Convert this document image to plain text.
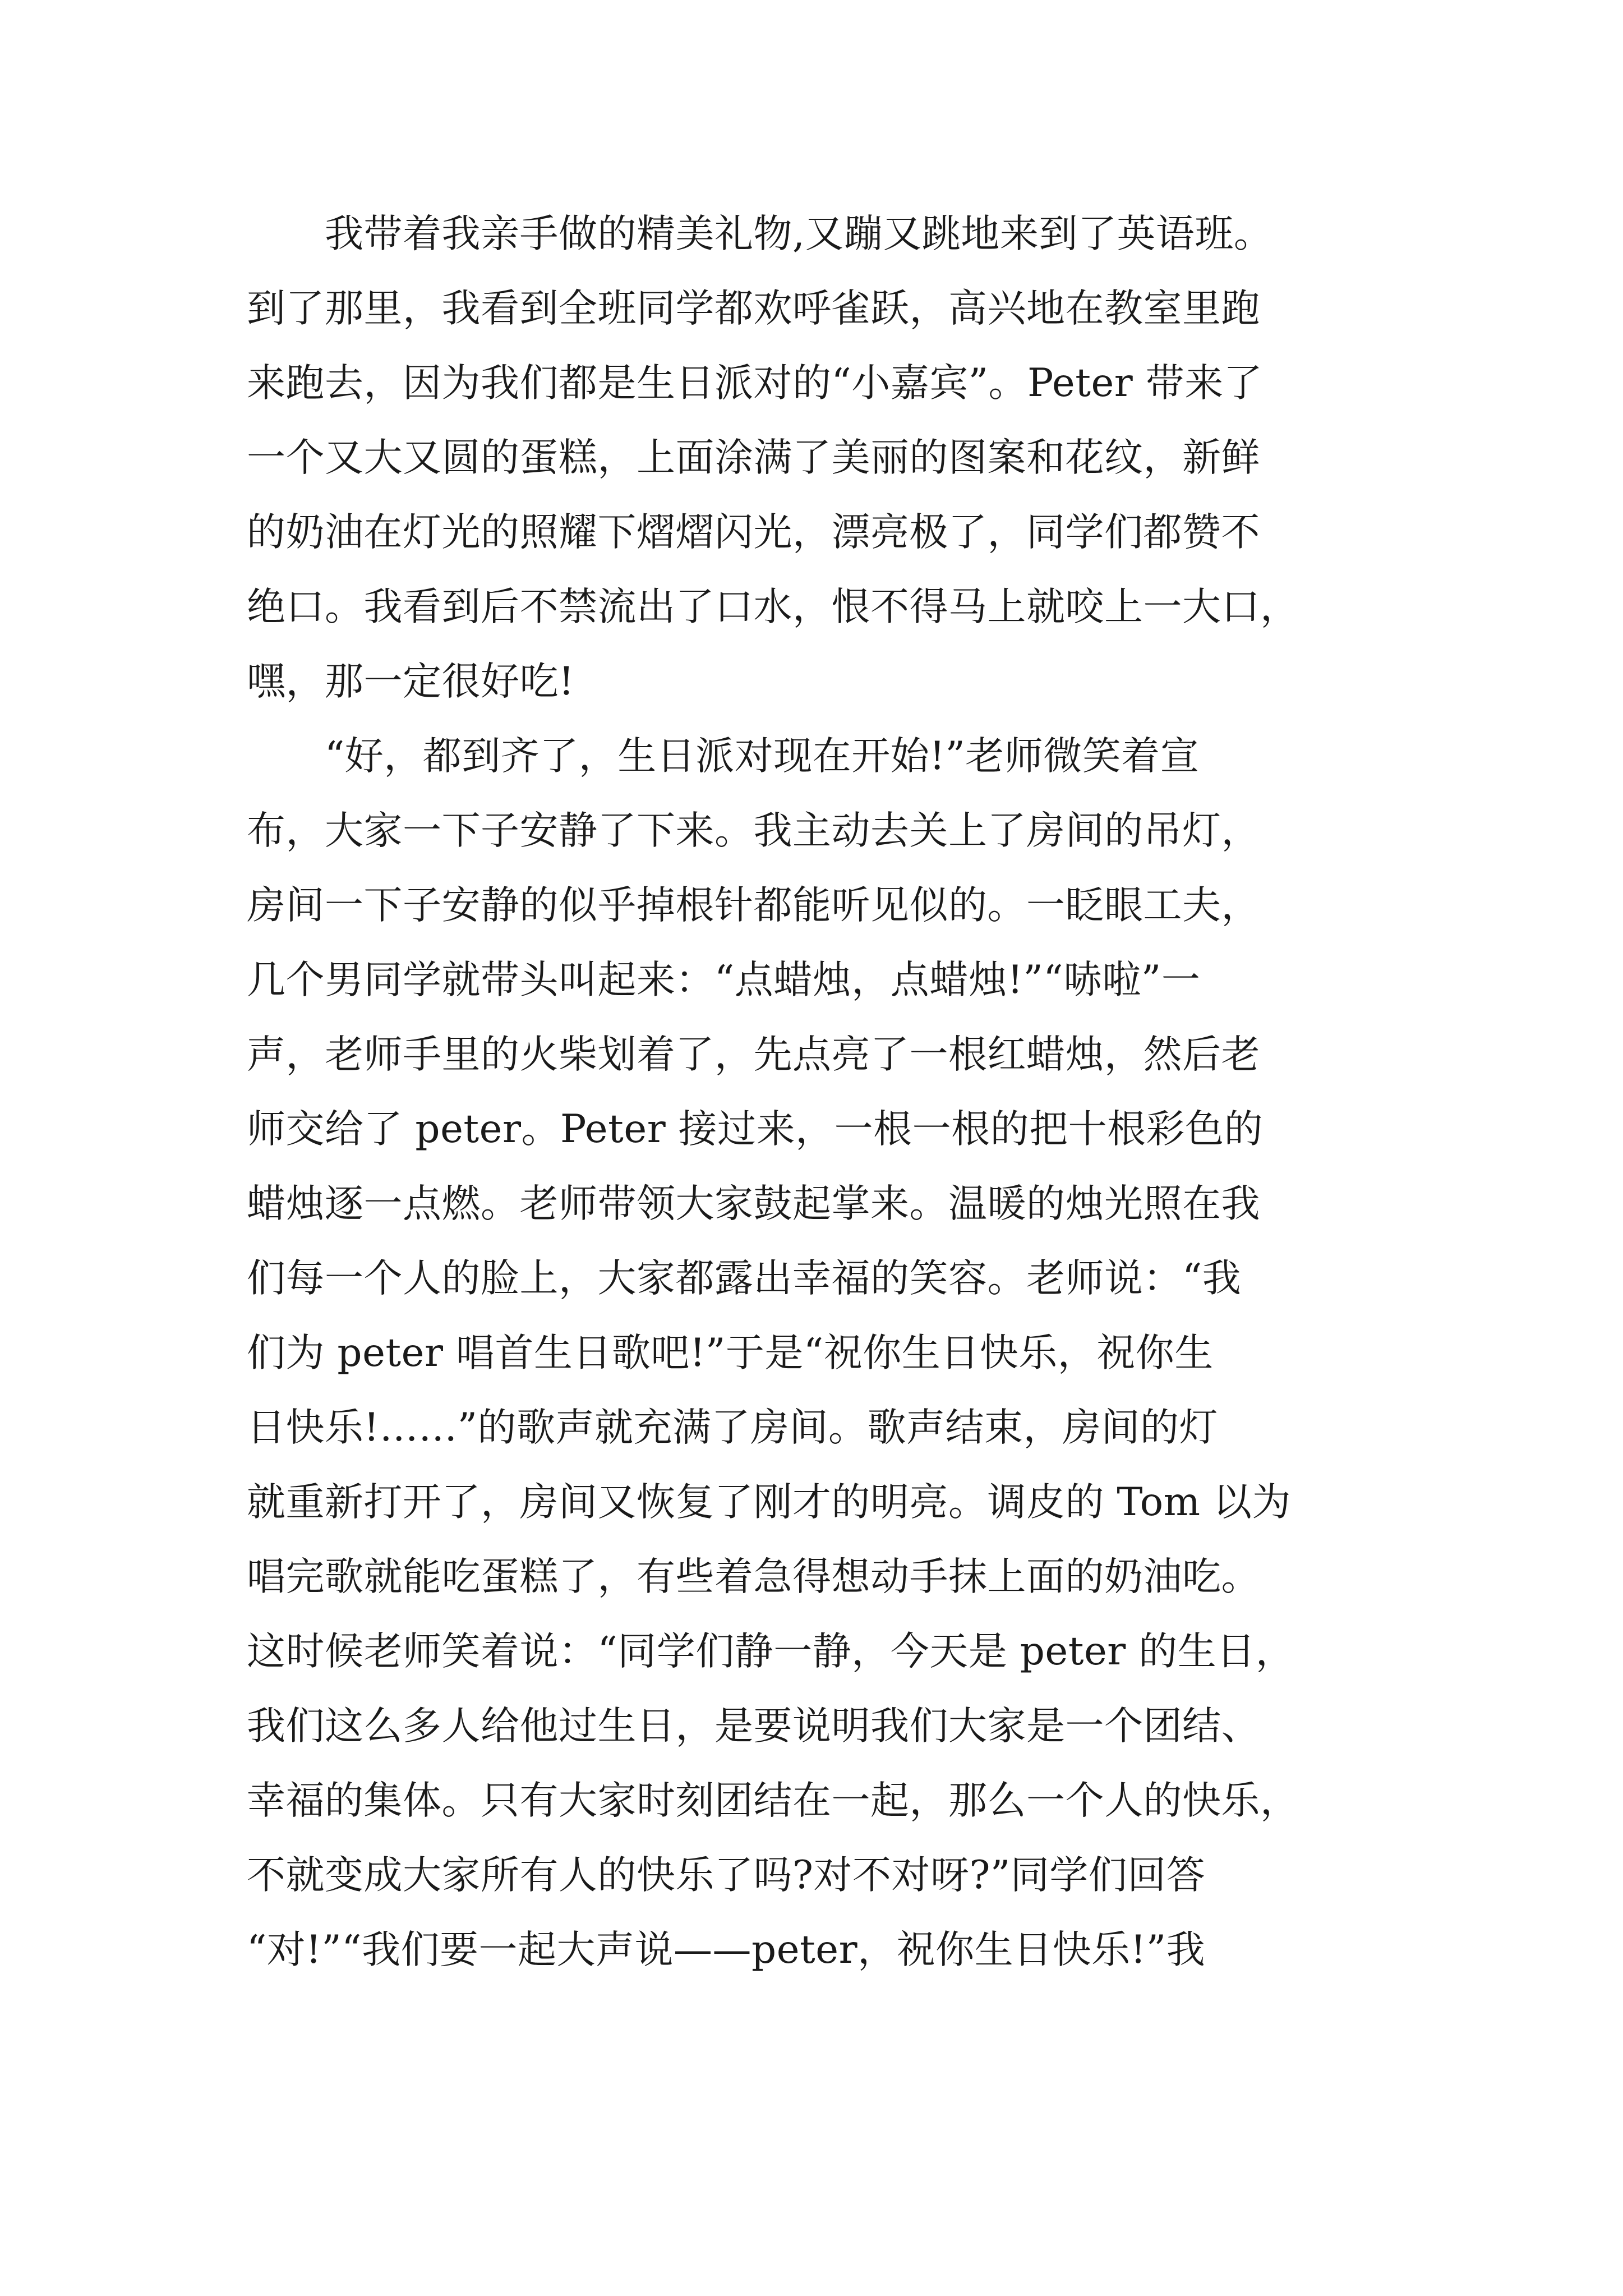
　　我带着我亲手做的精美礼物,又蹦又跳地来到了英语班。
到了那里，我看到全班同学都欢呼雀跃，高兴地在教室里跑
来跑去，因为我们都是生日派对的“小嘉宾”。Peter 带来了
一个又大又圆的蛋糕，上面涂满了美丽的图案和花纹，新鲜
的奶油在灯光的照耀下熠熠闪光，漂亮极了，同学们都赞不
绝口。我看到后不禁流出了口水，恨不得马上就咬上一大口，
嘿，那一定很好吃!
　　“好，都到齐了，生日派对现在开始!”老师微笑着宣
布，大家一下子安静了下来。我主动去关上了房间的吊灯，
房间一下子安静的似乎掉根针都能听见似的。一眨眼工夫，
几个男同学就带头叫起来：“点蜡烛，点蜡烛!”“哧啦”一
声，老师手里的火柴划着了，先点亮了一根红蜡烛，然后老
师交给了 peter。Peter 接过来，一根一根的把十根彩色的
蜡烛逐一点燃。老师带领大家鼓起掌来。温暖的烛光照在我
们每一个人的脸上，大家都露出幸福的笑容。老师说：“我
们为 peter 唱首生日歌吧!”于是“祝你生日快乐，祝你生
日快乐!……”的歌声就充满了房间。歌声结束，房间的灯
就重新打开了，房间又恢复了刚才的明亮。调皮的 Tom 以为
唱完歌就能吃蛋糕了，有些着急得想动手抹上面的奶油吃。
这时候老师笑着说：“同学们静一静，今天是 peter 的生日，
我们这么多人给他过生日，是要说明我们大家是一个团结、
幸福的集体。只有大家时刻团结在一起，那么一个人的快乐，
不就变成大家所有人的快乐了吗?对不对呀?”同学们回答
“对!”“我们要一起大声说——peter，祝你生日快乐!”我
